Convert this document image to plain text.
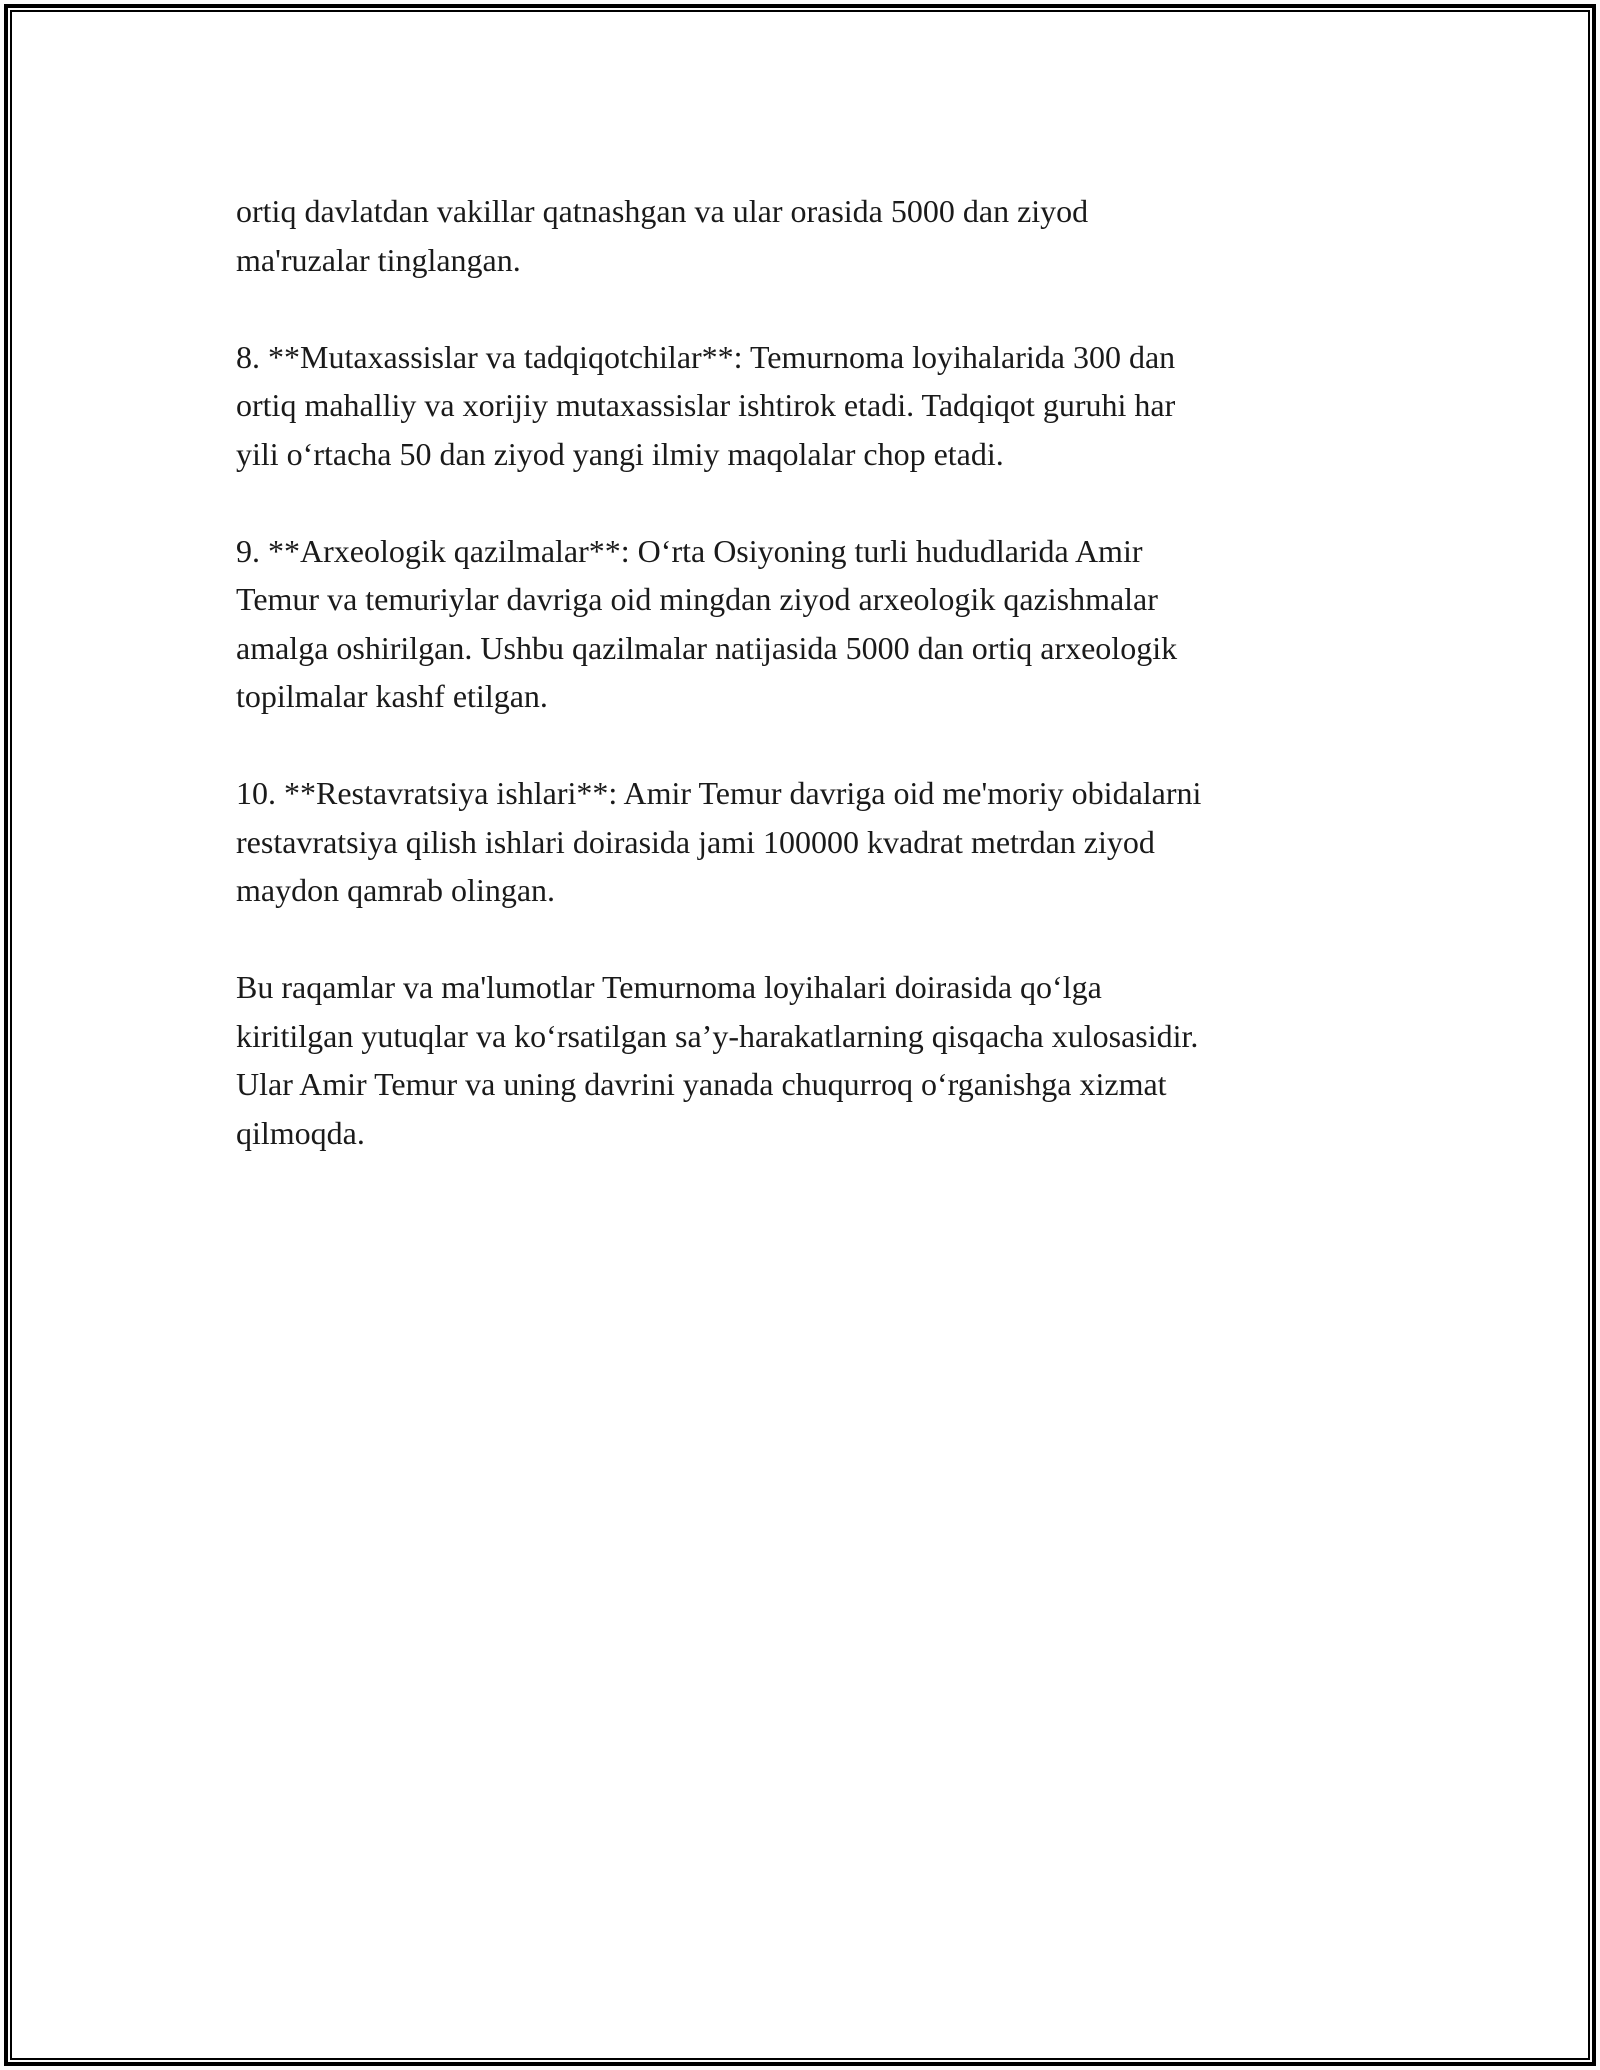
ortiq davlatdan vakillar qatnashgan va ular orasida 5000 dan ziyod
ma'ruzalar tinglangan.

8. **Mutaxassislar va tadqiqotchilar**: Temurnoma loyihalarida 300 dan
ortiq mahalliy va xorijiy mutaxassislar ishtirok etadi. Tadqiqot guruhi har
yili o‘rtacha 50 dan ziyod yangi ilmiy maqolalar chop etadi.

9. **Arxeologik qazilmalar**: O‘rta Osiyoning turli hududlarida Amir
Temur va temuriylar davriga oid mingdan ziyod arxeologik qazishmalar
amalga oshirilgan. Ushbu qazilmalar natijasida 5000 dan ortiq arxeologik
topilmalar kashf etilgan.

10. **Restavratsiya ishlari**: Amir Temur davriga oid me'moriy obidalarni
restavratsiya qilish ishlari doirasida jami 100000 kvadrat metrdan ziyod
maydon qamrab olingan.

Bu raqamlar va ma'lumotlar Temurnoma loyihalari doirasida qo‘lga
kiritilgan yutuqlar va ko‘rsatilgan sa’y-harakatlarning qisqacha xulosasidir.
Ular Amir Temur va uning davrini yanada chuqurroq o‘rganishga xizmat
qilmoqda.
